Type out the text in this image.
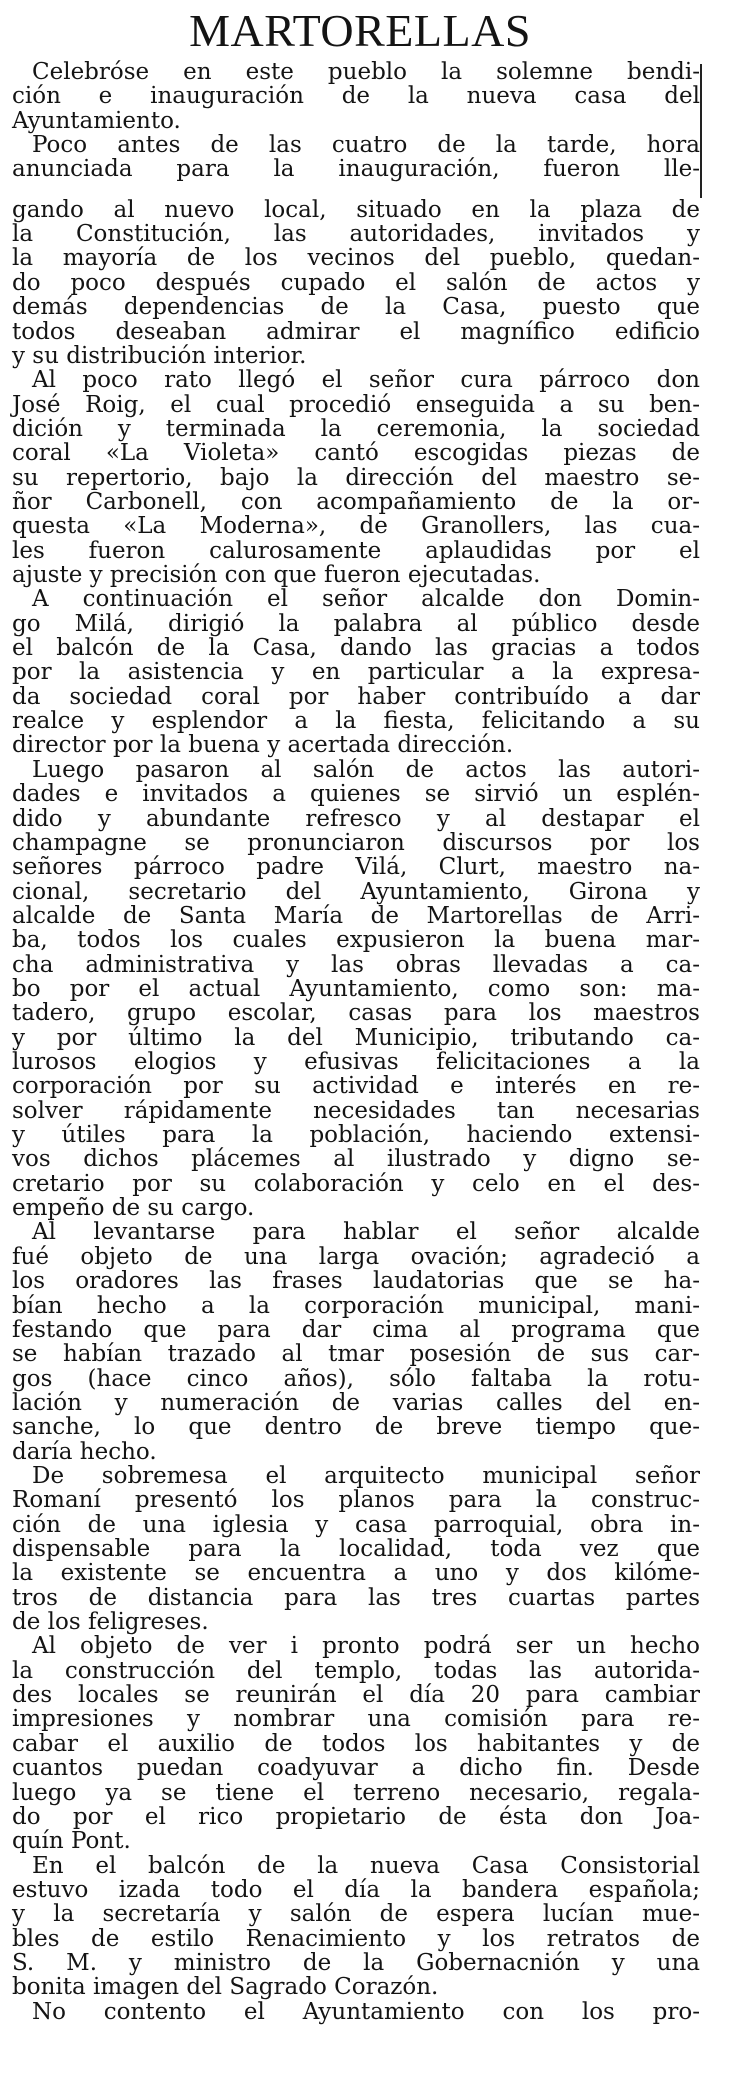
MARTORELLAS
Celebróse en este pueblo la solemne bendi-
ción e inauguración de la nueva casa del
Ayuntamiento.
Poco antes de las cuatro de la tarde, hora
anunciada para la inauguración, fueron lle-
gando al nuevo local, situado en la plaza de
la Constitución, las autoridades, invitados y
la mayoría de los vecinos del pueblo, quedan-
do poco después cupado el salón de actos y
demás dependencias de la Casa, puesto que
todos deseaban admirar el magnífico edificio
y su distribución interior.
Al poco rato llegó el señor cura párroco don
José Roig, el cual procedió enseguida a su ben-
dición y terminada la ceremonia, la sociedad
coral «La Violeta» cantó escogidas piezas de
su repertorio, bajo la dirección del maestro se-
ñor Carbonell, con acompañamiento de la or-
questa «La Moderna», de Granollers, las cua-
les fueron calurosamente aplaudidas por el
ajuste y precisión con que fueron ejecutadas.
A continuación el señor alcalde don Domin-
go Milá, dirigió la palabra al público desde
el balcón de la Casa, dando las gracias a todos
por la asistencia y en particular a la expresa-
da sociedad coral por haber contribuído a dar
realce y esplendor a la fiesta, felicitando a su
director por la buena y acertada dirección.
Luego pasaron al salón de actos las autori-
dades e invitados a quienes se sirvió un esplén-
dido y abundante refresco y al destapar el
champagne se pronunciaron discursos por los
señores párroco padre Vilá, Clurt, maestro na-
cional, secretario del Ayuntamiento, Girona y
alcalde de Santa María de Martorellas de Arri-
ba, todos los cuales expusieron la buena mar-
cha administrativa y las obras llevadas a ca-
bo por el actual Ayuntamiento, como son: ma-
tadero, grupo escolar, casas para los maestros
y por último la del Municipio, tributando ca-
lurosos elogios y efusivas felicitaciones a la
corporación por su actividad e interés en re-
solver rápidamente necesidades tan necesarias
y útiles para la población, haciendo extensi-
vos dichos plácemes al ilustrado y digno se-
cretario por su colaboración y celo en el des-
empeño de su cargo.
Al levantarse para hablar el señor alcalde
fué objeto de una larga ovación; agradeció a
los oradores las frases laudatorias que se ha-
bían hecho a la corporación municipal, mani-
festando que para dar cima al programa que
se habían trazado al tmar posesión de sus car-
gos (hace cinco años), sólo faltaba la rotu-
lación y numeración de varias calles del en-
sanche, lo que dentro de breve tiempo que-
daría hecho.
De sobremesa el arquitecto municipal señor
Romaní presentó los planos para la construc-
ción de una iglesia y casa parroquial, obra in-
dispensable para la localidad, toda vez que
la existente se encuentra a uno y dos kilóme-
tros de distancia para las tres cuartas partes
de los feligreses.
Al objeto de ver i pronto podrá ser un hecho
la construcción del templo, todas las autorida-
des locales se reunirán el día 20 para cambiar
impresiones y nombrar una comisión para re-
cabar el auxilio de todos los habitantes y de
cuantos puedan coadyuvar a dicho fin. Desde
luego ya se tiene el terreno necesario, regala-
do por el rico propietario de ésta don Joa-
quín Pont.
En el balcón de la nueva Casa Consistorial
estuvo izada todo el día la bandera española;
y la secretaría y salón de espera lucían mue-
bles de estilo Renacimiento y los retratos de
S. M. y ministro de la Gobernacnión y una
bonita imagen del Sagrado Corazón.
No contento el Ayuntamiento con los pro-
